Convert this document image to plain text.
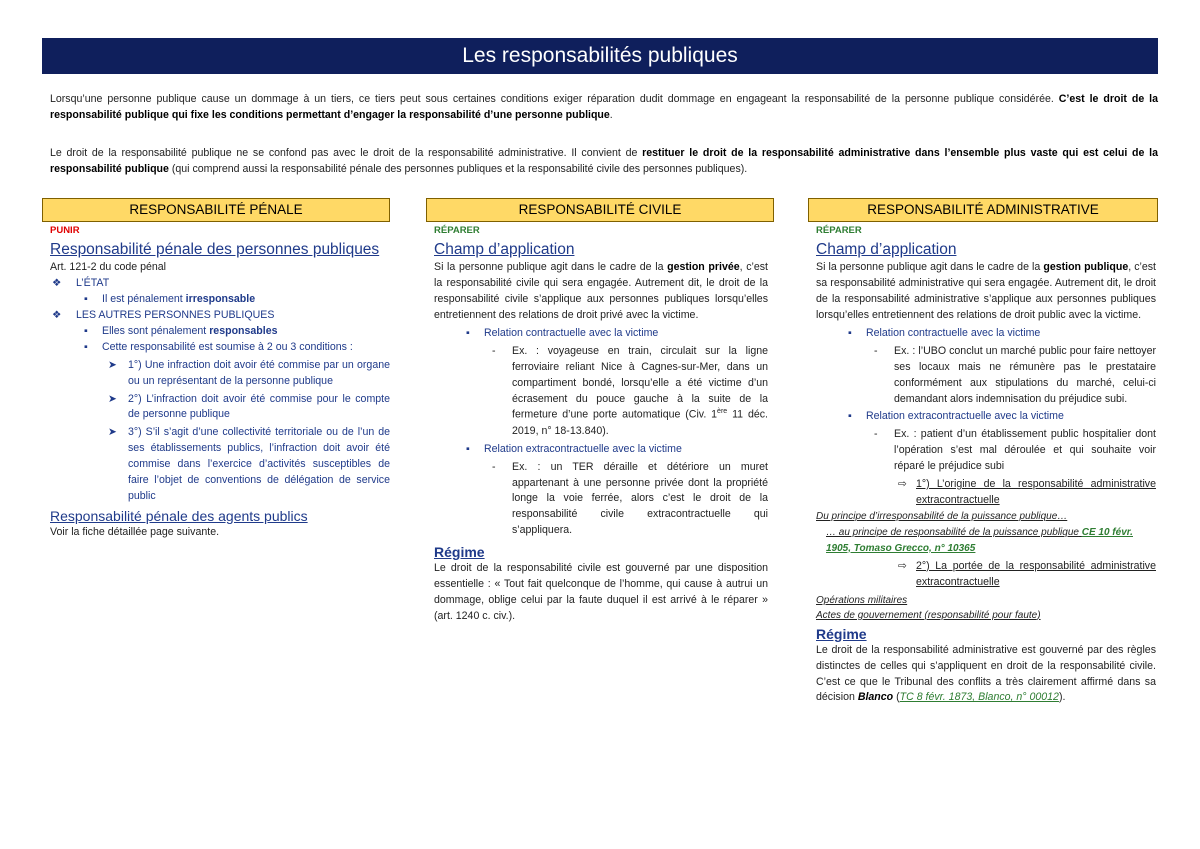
Les responsabilités publiques
Lorsqu’une personne publique cause un dommage à un tiers, ce tiers peut sous certaines conditions exiger réparation dudit dommage en engageant la responsabilité de la personne publique considérée. C’est le droit de la responsabilité publique qui fixe les conditions permettant d’engager la responsabilité d’une personne publique.
Le droit de la responsabilité publique ne se confond pas avec le droit de la responsabilité administrative. Il convient de restituer le droit de la responsabilité administrative dans l’ensemble plus vaste qui est celui de la responsabilité publique (qui comprend aussi la responsabilité pénale des personnes publiques et la responsabilité civile des personnes publiques).
RESPONSABILITÉ PÉNALE
PUNIR
Responsabilité pénale des personnes publiques
Art. 121-2 du code pénal
❖ L’ÉTAT
▪ Il est pénalement irresponsable
❖ LES AUTRES PERSONNES PUBLIQUES
▪ Elles sont pénalement responsables
▪ Cette responsabilité est soumise à 2 ou 3 conditions :
➤ 1°) Une infraction doit avoir été commise par un organe ou un représentant de la personne publique
➤ 2°) L’infraction doit avoir été commise pour le compte de personne publique
➤ 3°) S’il s’agit d’une collectivité territoriale ou de l’un de ses établissements publics, l’infraction doit avoir été commise dans l’exercice d’activités susceptibles de faire l’objet de conventions de délégation de service public
Responsabilité pénale des agents publics
Voir la fiche détaillée page suivante.
RESPONSABILITÉ CIVILE
RÉPARER
Champ d’application
Si la personne publique agit dans le cadre de la gestion privée, c’est la responsabilité civile qui sera engagée. Autrement dit, le droit de la responsabilité civile s’applique aux personnes publiques lorsqu’elles entretiennent des relations de droit privé avec la victime.
▪ Relation contractuelle avec la victime
- Ex. : voyageuse en train, circulait sur la ligne ferroviaire reliant Nice à Cagnes-sur-Mer, dans un compartiment bondé, lorsqu’elle a été victime d’un écrasement du pouce gauche à la suite de la fermeture d’une porte automatique (Civ. 1ère 11 déc. 2019, n° 18-13.840).
▪ Relation extracontractuelle avec la victime
- Ex. : un TER déraille et détériore un muret appartenant à une personne privée dont la propriété longe la voie ferrée, alors c’est le droit de la responsabilité civile extracontractuelle qui s’appliquera.
Régime
Le droit de la responsabilité civile est gouverné par une disposition essentielle : « Tout fait quelconque de l’homme, qui cause à autrui un dommage, oblige celui par la faute duquel il est arrivé à le réparer » (art. 1240 c. civ.).
RESPONSABILITÉ ADMINISTRATIVE
RÉPARER
Champ d’application
Si la personne publique agit dans le cadre de la gestion publique, c’est sa responsabilité administrative qui sera engagée. Autrement dit, le droit de la responsabilité administrative s’applique aux personnes publiques lorsqu’elles entretiennent des relations de droit public avec la victime.
▪ Relation contractuelle avec la victime
- Ex. : l’UBO conclut un marché public pour faire nettoyer ses locaux mais ne rémunère pas le prestataire conformément aux stipulations du marché, celui-ci demandant alors indemnisation du préjudice subi.
▪ Relation extracontractuelle avec la victime
- Ex. : patient d’un établissement public hospitalier dont l’opération s’est mal déroulée et qui souhaite voir réparé le préjudice subi
⇨ 1°) L’origine de la responsabilité administrative extracontractuelle
Du principe d’irresponsabilité de la puissance publique…
… au principe de responsabilité de la puissance publique CE 10 févr. 1905, Tomaso Grecco, n° 10365
⇨ 2°) La portée de la responsabilité administrative extracontractuelle
Opérations militaires
Actes de gouvernement (responsabilité pour faute)
Régime
Le droit de la responsabilité administrative est gouverné par des règles distinctes de celles qui s’appliquent en droit de la responsabilité civile. C’est ce que le Tribunal des conflits a très clairement affirmé dans sa décision Blanco (TC 8 févr. 1873, Blanco, n° 00012).
